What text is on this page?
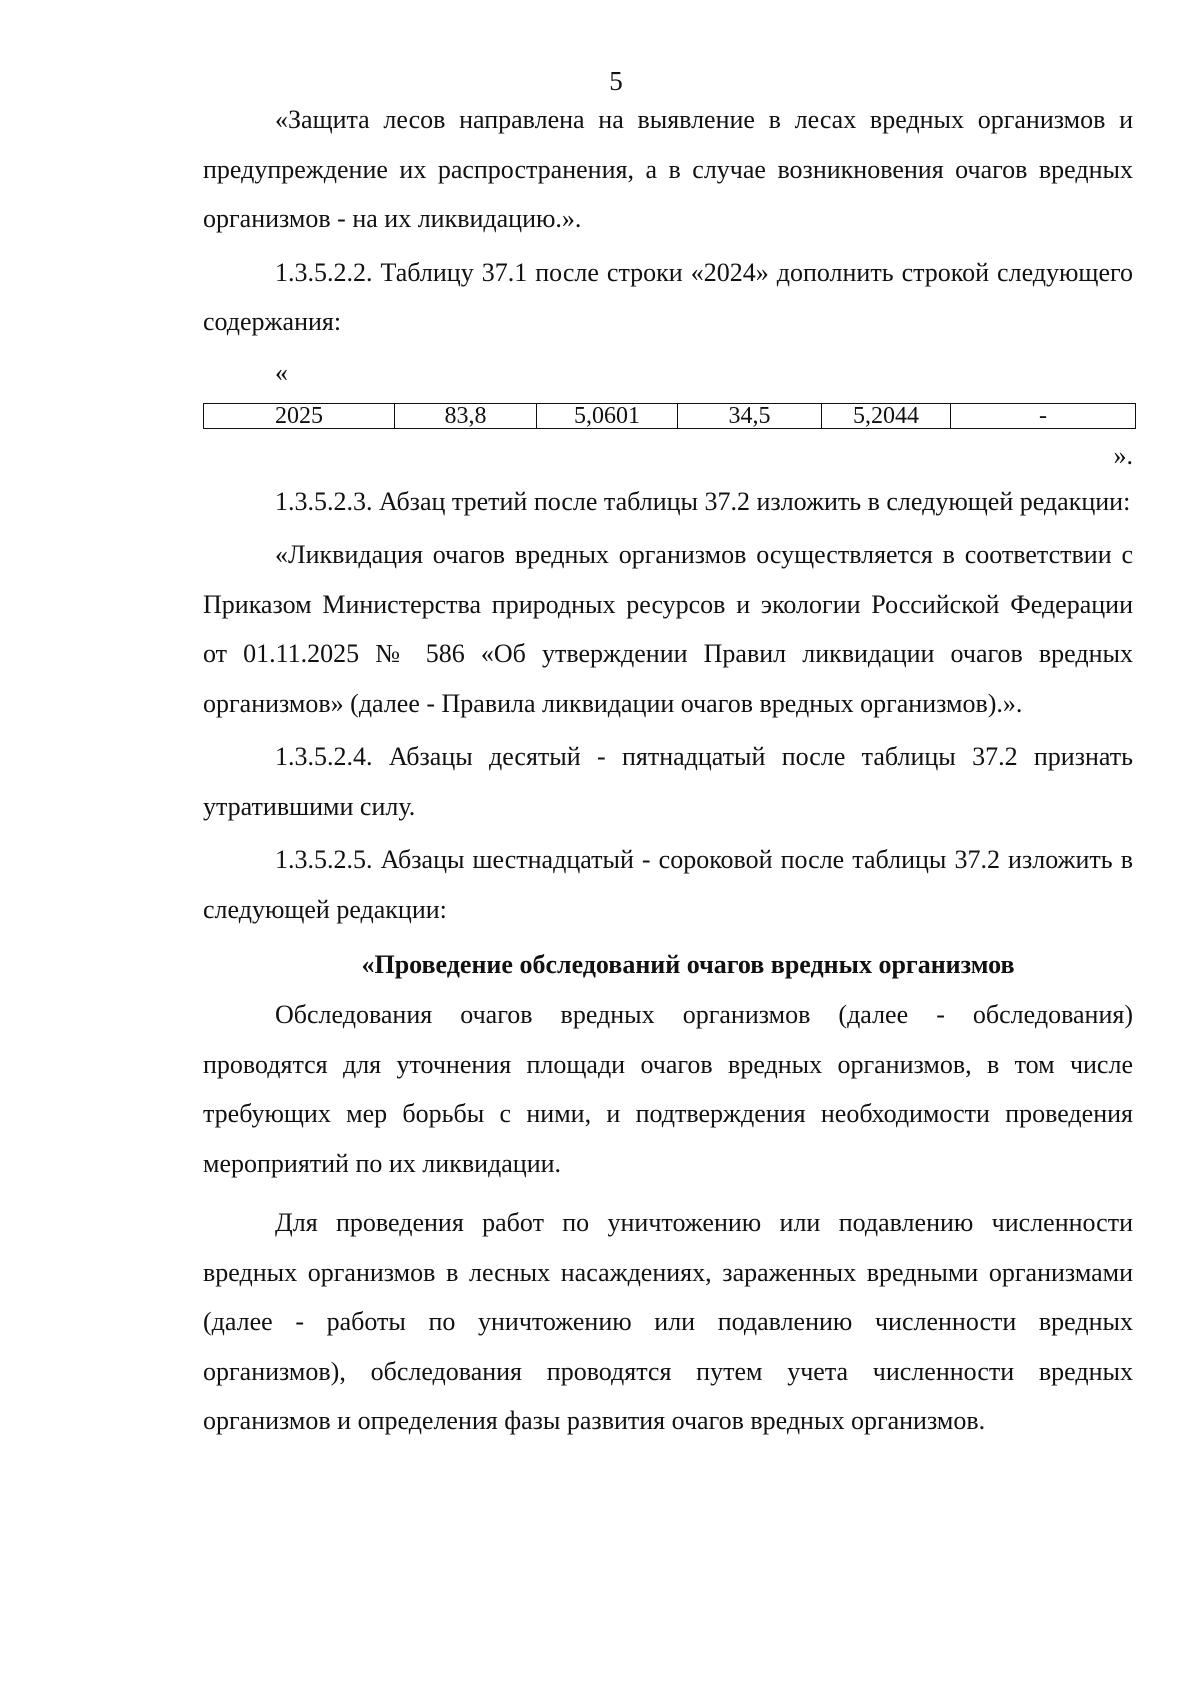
5

«Защита лесов направлена на выявление в лесах вредных организмов и предупреждение их распространения, а в случае возникновения очагов вредных организмов - на их ликвидацию.».

1.3.5.2.2. Таблицу 37.1 после строки «2024» дополнить строкой следующего содержания:

«

2025	83,8	5,0601	34,5	5,2044	-

».

1.3.5.2.3. Абзац третий после таблицы 37.2 изложить в следующей редакции:

«Ликвидация очагов вредных организмов осуществляется в соответствии с Приказом Министерства природных ресурсов и экологии Российской Федерации от 01.11.2025 № 586 «Об утверждении Правил ликвидации очагов вредных организмов» (далее - Правила ликвидации очагов вредных организмов).».

1.3.5.2.4. Абзацы десятый - пятнадцатый после таблицы 37.2 признать утратившими силу.

1.3.5.2.5. Абзацы шестнадцатый - сороковой после таблицы 37.2 изложить в следующей редакции:

«Проведение обследований очагов вредных организмов

Обследования очагов вредных организмов (далее - обследования) проводятся для уточнения площади очагов вредных организмов, в том числе требующих мер борьбы с ними, и подтверждения необходимости проведения мероприятий по их ликвидации.

Для проведения работ по уничтожению или подавлению численности вредных организмов в лесных насаждениях, зараженных вредными организмами (далее - работы по уничтожению или подавлению численности вредных организмов), обследования проводятся путем учета численности вредных организмов и определения фазы развития очагов вредных организмов.
